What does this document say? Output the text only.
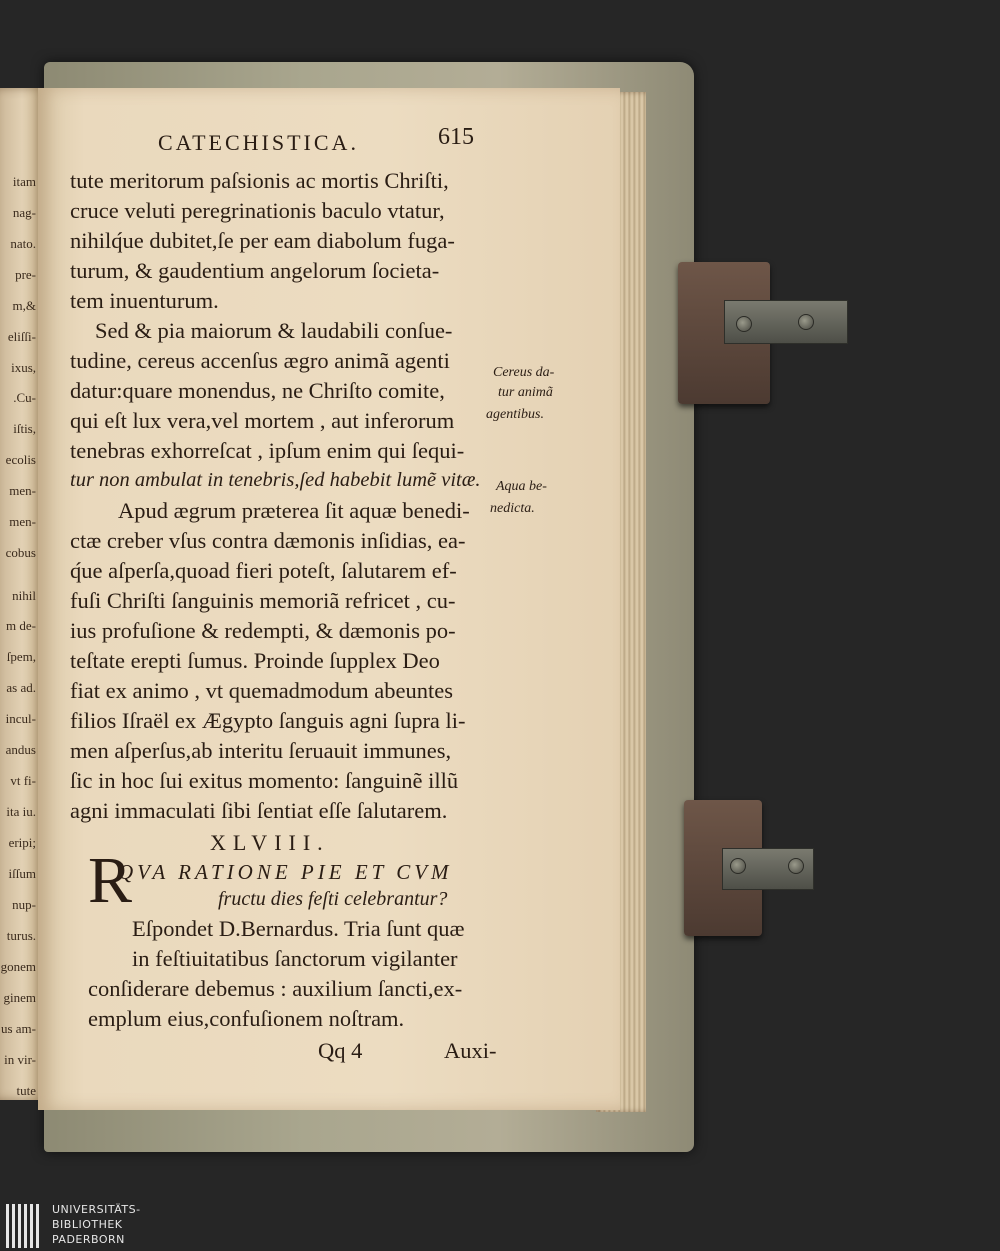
itam
nag-
nato.
pre-
m,&
eliſſi-
ixus,
.Cu-
iſtis,
ecolis
men-
men-
cobus
nihil
m de-
ſpem,
as ad.
incul-
andus
vt fi-
ita iu.
eripi;
iſſum
nup-
turus.
gonem
ginem
us am-
in vir-
tute
CATECHISTICA.	615
tute meritorum paſsionis ac mortis Chriſti,
cruce veluti peregrinationis baculo vtatur,
nihilq́ue dubitet,ſe per eam diabolum fuga-
turum, & gaudentium angelorum ſocieta-
tem inuenturum.
Sed & pia maiorum & laudabili conſue-
tudine, cereus accenſus ægro animã agenti
datur:quare monendus, ne Chriſto comite,
qui eſt lux vera,vel mortem , aut inferorum
tenebras exhorreſcat , ipſum enim qui ſequi-
tur non ambulat in tenebris,ſed habebit lumẽ vitæ.
Apud ægrum præterea ſit aquæ benedi-
ctæ creber vſus contra dæmonis inſidias, ea-
q́ue aſperſa,quoad fieri poteſt, ſalutarem ef-
fuſi Chriſti ſanguinis memoriã refricet , cu-
ius profuſione & redempti, & dæmonis po-
teſtate erepti ſumus. Proinde ſupplex Deo
fiat ex animo , vt quemadmodum abeuntes
filios Iſraël ex Ægypto ſanguis agni ſupra li-
men aſperſus,ab interitu ſeruauit immunes,
ſic in hoc ſui exitus momento: ſanguinẽ illũ
agni immaculati ſibi ſentiat eſſe ſalutarem.
Cereus da-
tur animã
agentibus.
Aqua be-
nedicta.
XLVIII.
QVA RATIONE PIE ET CVM
fructu dies feſti celebrantur?
R
Eſpondet D.Bernardus. Tria ſunt quæ
in feſtiuitatibus ſanctorum vigilanter
conſiderare debemus : auxilium ſancti,ex-
emplum eius,confuſionem noſtram.
Qq 4	Auxi-
UNIVERSITÄTS-
BIBLIOTHEK
PADERBORN
